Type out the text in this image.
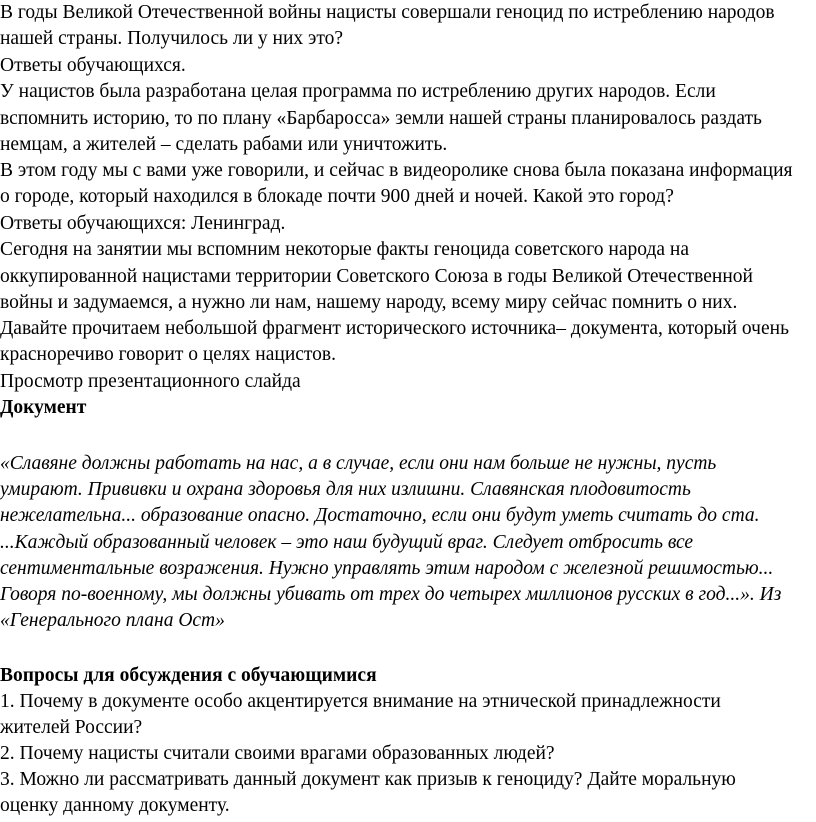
В годы Великой Отечественной войны нацисты совершали геноцид по истреблению народов
нашей страны. Получилось ли у них это?
Ответы обучающихся.
У нацистов была разработана целая программа по истреблению других народов. Если
вспомнить историю, то по плану «Барбаросса» земли нашей страны планировалось раздать
немцам, а жителей – сделать рабами или уничтожить.
В этом году мы с вами уже говорили, и сейчас в видеоролике снова была показана информация
о городе, который находился в блокаде почти 900 дней и ночей. Какой это город?
Ответы обучающихся: Ленинград.
Сегодня на занятии мы вспомним некоторые факты геноцида советского народа на
оккупированной нацистами территории Советского Союза в годы Великой Отечественной
войны и задумаемся, а нужно ли нам, нашему народу, всему миру сейчас помнить о них.
Давайте прочитаем небольшой фрагмент исторического источника– документа, который очень
красноречиво говорит о целях нацистов.
Просмотр презентационного слайда
Документ
«Славяне должны работать на нас, а в случае, если они нам больше не нужны, пусть
умирают. Прививки и охрана здоровья для них излишни. Славянская плодовитость
нежелательна... образование опасно. Достаточно, если они будут уметь считать до ста.
...Каждый образованный человек – это наш будущий враг. Следует отбросить все
сентиментальные возражения. Нужно управлять этим народом с железной решимостью...
Говоря по-военному, мы должны убивать от трех до четырех миллионов русских в год...». Из
«Генерального плана Ост»
Вопросы для обсуждения с обучающимися
1. Почему в документе особо акцентируется внимание на этнической принадлежности
жителей России?
2. Почему нацисты считали своими врагами образованных людей?
3. Можно ли рассматривать данный документ как призыв к геноциду? Дайте моральную
оценку данному документу.
